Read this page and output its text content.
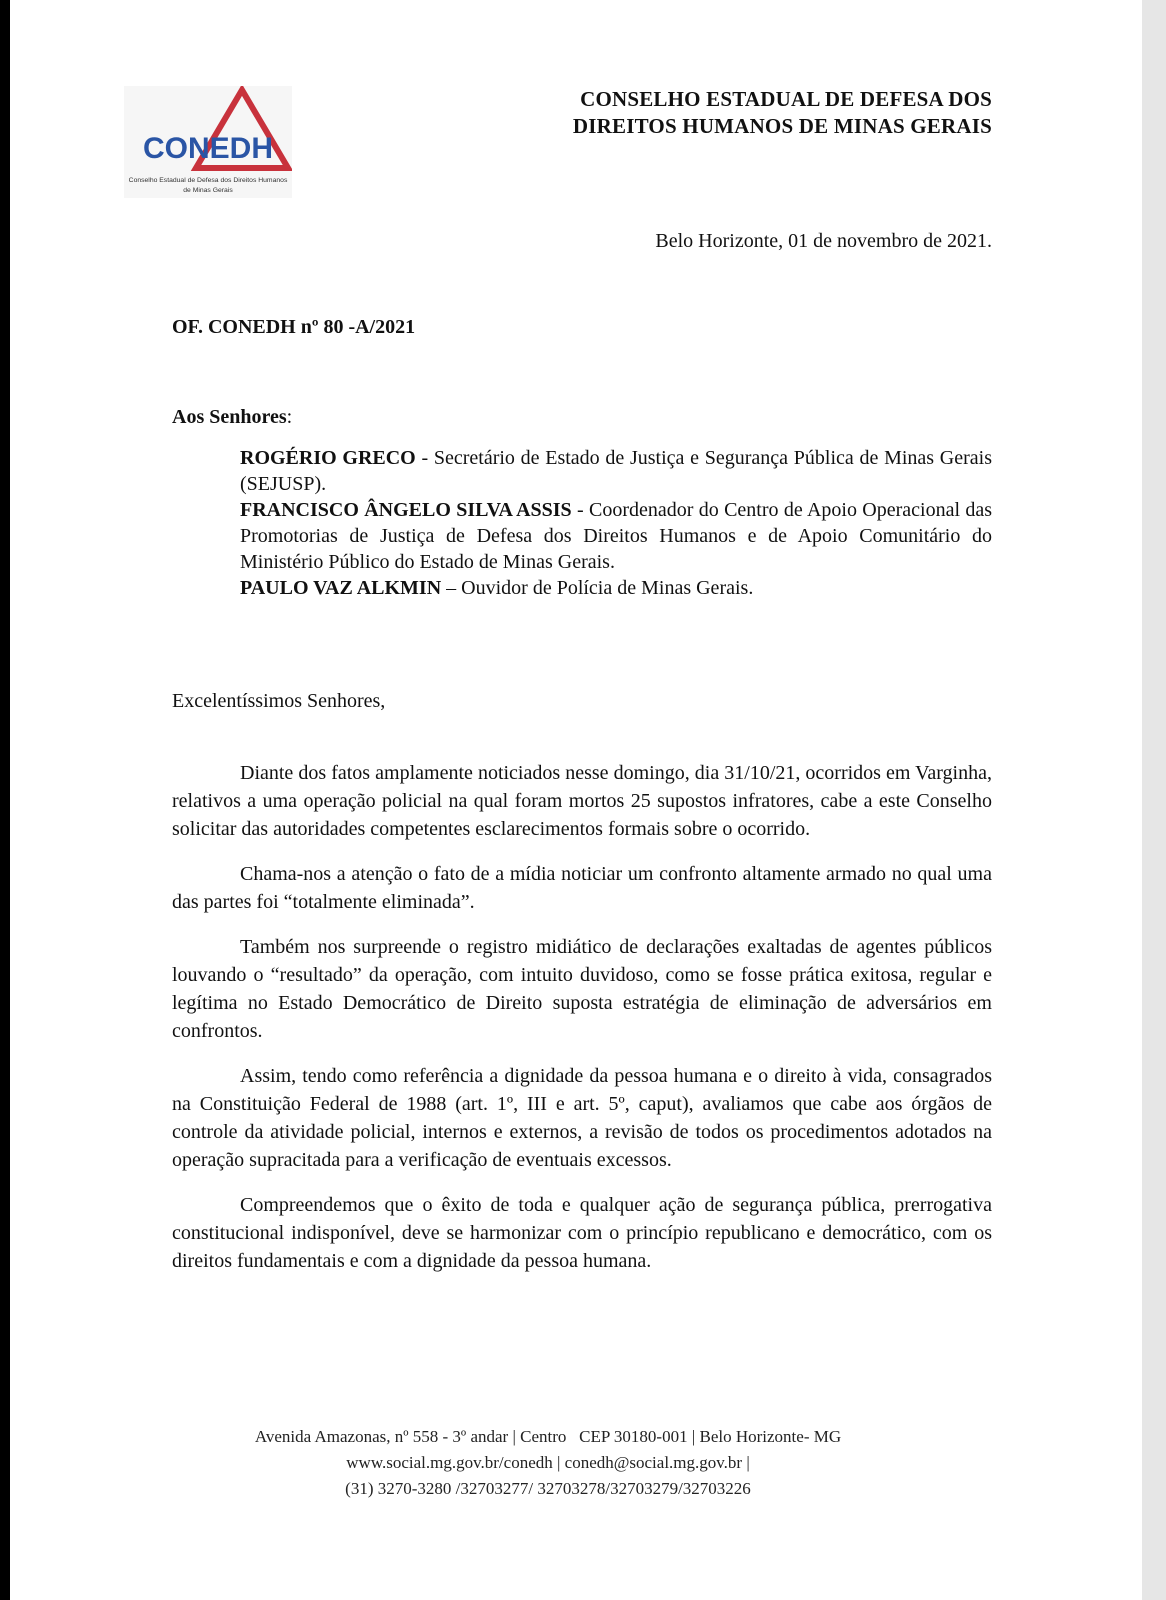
CONEDH
Conselho Estadual de Defesa dos Direitos Humanos
de Minas Gerais
CONSELHO ESTADUAL DE DEFESA DOS
DIREITOS HUMANOS DE MINAS GERAIS
Belo Horizonte, 01 de novembro de 2021.
OF. CONEDH nº 80 -A/2021
Aos Senhores:

ROGÉRIO GRECO - Secretário de Estado de Justiça e Segurança Pública de Minas Gerais (SEJUSP).

FRANCISCO ÂNGELO SILVA ASSIS - Coordenador do Centro de Apoio Operacional das Promotorias de Justiça de Defesa dos Direitos Humanos e de Apoio Comunitário do Ministério Público do Estado de Minas Gerais.

PAULO VAZ ALKMIN – Ouvidor de Polícia de Minas Gerais.

Excelentíssimos Senhores,

Diante dos fatos amplamente noticiados nesse domingo, dia 31/10/21, ocorridos em Varginha, relativos a uma operação policial na qual foram mortos 25 supostos infratores, cabe a este Conselho solicitar das autoridades competentes esclarecimentos formais sobre o ocorrido.

Chama-nos a atenção o fato de a mídia noticiar um confronto altamente armado no qual uma das partes foi “totalmente eliminada”.

Também nos surpreende o registro midiático de declarações exaltadas de agentes públicos louvando o “resultado” da operação, com intuito duvidoso, como se fosse prática exitosa, regular e legítima no Estado Democrático de Direito suposta estratégia de eliminação de adversários em confrontos.

Assim, tendo como referência a dignidade da pessoa humana e o direito à vida, consagrados na Constituição Federal de 1988 (art. 1º, III e art. 5º, caput), avaliamos que cabe aos órgãos de controle da atividade policial, internos e externos, a revisão de todos os procedimentos adotados na operação supracitada para a verificação de eventuais excessos.

Compreendemos que o êxito de toda e qualquer ação de segurança pública, prerrogativa constitucional indisponível, deve se harmonizar com o princípio republicano e democrático, com os direitos fundamentais e com a dignidade da pessoa humana.

Avenida Amazonas, nº 558 - 3º andar | Centro   CEP 30180-001 | Belo Horizonte- MG
www.social.mg.gov.br/conedh | conedh@social.mg.gov.br |
(31) 3270-3280 /32703277/ 32703278/32703279/32703226
